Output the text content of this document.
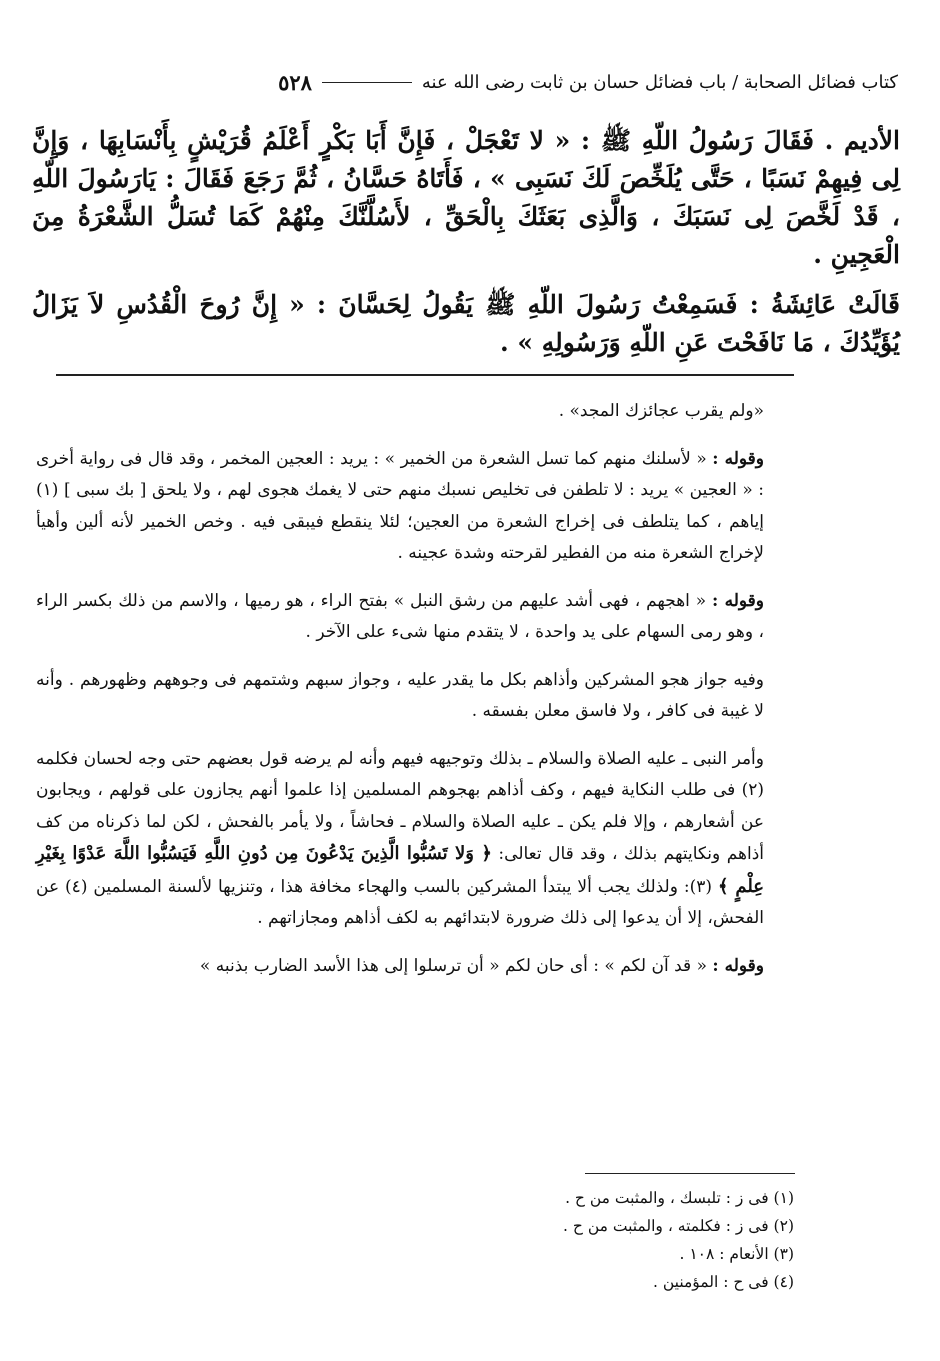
كتاب فضائل الصحابة / باب فضائل حسان بن ثابت رضى الله عنه
٥٢٨

الأديم . فَقَالَ رَسُولُ اللّهِ ﷺ : « لا تَعْجَلْ ، فَإِنَّ أَبَا بَكْرٍ أَعْلَمُ قُرَيْشٍ بِأَنْسَابِهَا ، وَإِنَّ لِى فِيهِمْ نَسَبًا ، حَتَّى يُلَخِّصَ لَكَ نَسَبِى » ، فَأَتَاهُ حَسَّانُ ، ثُمَّ رَجَعَ فَقَالَ : يَارَسُولَ اللّهِ ، قَدْ لَخَّصَ لِى نَسَبَكَ ، وَالَّذِى بَعَثَكَ بِالْحَقِّ ، لأَسُلَّنَّكَ مِنْهُمْ كَمَا تُسَلُّ الشَّعْرَةُ مِنَ الْعَجِينِ .

قَالَتْ عَائِشَةُ : فَسَمِعْتُ رَسُولَ اللّهِ ﷺ يَقُولُ لِحَسَّانَ : « إِنَّ رُوحَ الْقُدُسِ لاَ يَزَالُ يُؤَيِّدُكَ ، مَا نَافَحْتَ عَنِ اللّهِ وَرَسُولِهِ » .

«ولم يقرب عجائزك المجد» .

وقوله : « لأسلنك منهم كما تسل الشعرة من الخمير » : يريد : العجين المخمر ، وقد قال فى رواية أخرى : « العجين » يريد : لا تلطفن فى تخليص نسبك منهم حتى لا يغمك هجوى لهم ، ولا يلحق [ بك سبى ] (١) إياهم ، كما يتلطف فى إخراج الشعرة من العجين؛ لئلا ينقطع فيبقى فيه . وخص الخمير لأنه ألين وأهيأ لإخراج الشعرة منه من الفطير لقرحته وشدة عجينه .

وقوله : « اهجهم ، فهى أشد عليهم من رشق النبل » بفتح الراء ، هو رميها ، والاسم من ذلك بكسر الراء ، وهو رمى السهام على يد واحدة ، لا يتقدم منها شىء على الآخر .

وفيه جواز هجو المشركين وأذاهم بكل ما يقدر عليه ، وجواز سبهم وشتمهم فى وجوههم وظهورهم . وأنه لا غيبة فى كافر ، ولا فاسق معلن بفسقه .

وأمر النبى ـ عليه الصلاة والسلام ـ بذلك وتوجيهه فيهم وأنه لم يرضه قول بعضهم حتى وجه لحسان فكلمه (٢) فى طلب النكاية فيهم ، وكف أذاهم بهجوهم المسلمين إذا علموا أنهم يجازون على قولهم ، ويجابون عن أشعارهم ، وإلا فلم يكن ـ عليه الصلاة والسلام ـ فحاشاً ، ولا يأمر بالفحش ، لكن لما ذكرناه من كف أذاهم ونكايتهم بذلك ، وقد قال تعالى: ﴿ وَلا تَسُبُّوا الَّذِينَ يَدْعُونَ مِن دُونِ اللَّهِ فَيَسُبُّوا اللَّهَ عَدْوًا بِغَيْرِ عِلْمٍ ﴾ (٣): ولذلك يجب ألا يبتدأ المشركين بالسب والهجاء مخافة هذا ، وتنزيها لألسنة المسلمين (٤) عن الفحش، إلا أن يدعوا إلى ذلك ضرورة لابتدائهم به لكف أذاهم ومجازاتهم .

وقوله : « قد آن لكم » : أى حان لكم « أن ترسلوا إلى هذا الأسد الضارب بذنبه »

(١) فى ز : تلبسك ، والمثبت من ح .
(٢) فى ز : فكلمته ، والمثبت من ح .
(٣) الأنعام : ١٠٨ .
(٤) فى ح : المؤمنين .
